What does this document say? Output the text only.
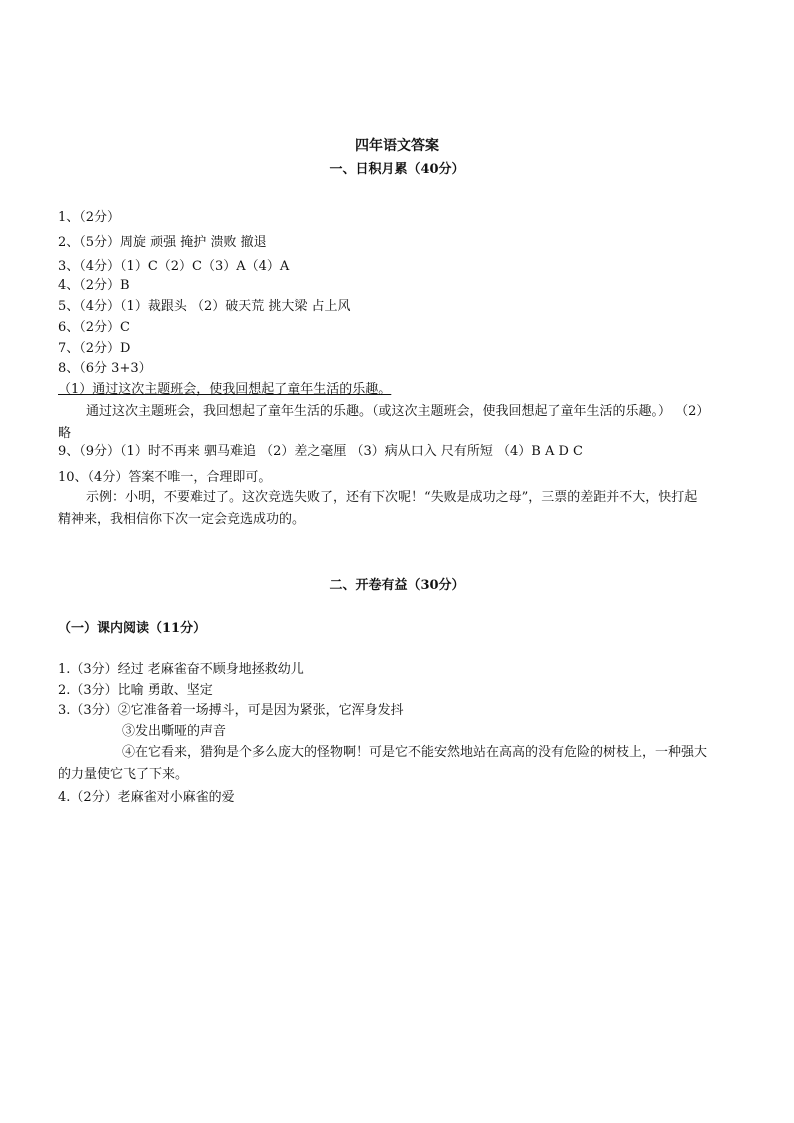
四年语文答案
一、日积月累（40分）
1、（2分）
2、（5分）周旋 顽强 掩护 溃败 撤退
3、（4分）（1）C（2）C（3）A（4）A
4、（2分）B
5、（4分）（1）裁跟头 （2）破天荒 挑大梁 占上风
6、（2分）C
7、（2分）D
8、（6分 3+3）
（1）通过这次主题班会，使我回想起了童年生活的乐趣。
通过这次主题班会，我回想起了童年生活的乐趣。（或这次主题班会，使我回想起了童年生活的乐趣。） （2）略
9、（9分）（1）时不再来 驷马难追 （2）差之毫厘 （3）病从口入 尺有所短 （4）B A D C
10、（4分）答案不唯一，合理即可。
示例：小明，不要难过了。这次竞选失败了，还有下次呢！“失败是成功之母”，三票的差距并不大，快打起精神来，我相信你下次一定会竞选成功的。
二、开卷有益（30分）
（一）课内阅读（11分）
1.（3分）经过 老麻雀奋不顾身地拯救幼儿
2.（3分）比喻 勇敢、坚定
3.（3分）②它准备着一场搏斗，可是因为紧张，它浑身发抖
③发出嘶哑的声音
④在它看来，猎狗是个多么庞大的怪物啊！可是它不能安然地站在高高的没有危险的树枝上，一种强大的力量使它飞了下来。
4.（2分）老麻雀对小麻雀的爱
